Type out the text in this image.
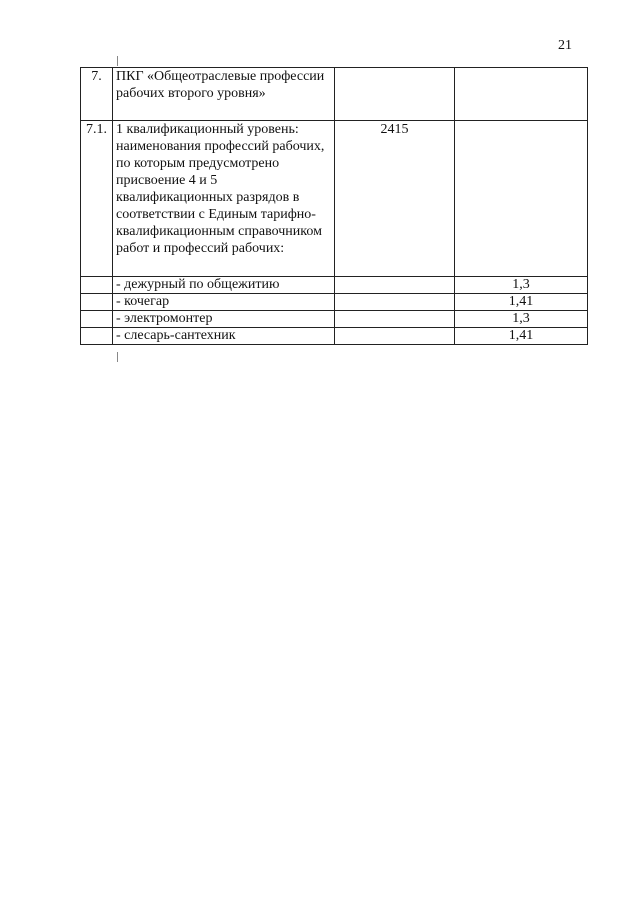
21
7.	ПКГ «Общеотраслевые профессии рабочих второго уровня»		
7.1.	1 квалификационный уровень: наименования профессий рабочих, по которым предусмотрено присвоение 4 и 5 квалификационных разрядов в соответствии с Единым тарифно-квалификационным справочником работ и профессий рабочих:	2415	
	- дежурный по общежитию		1,3
	- кочегар		1,41
	- электромонтер		1,3
	- слесарь-сантехник		1,41
